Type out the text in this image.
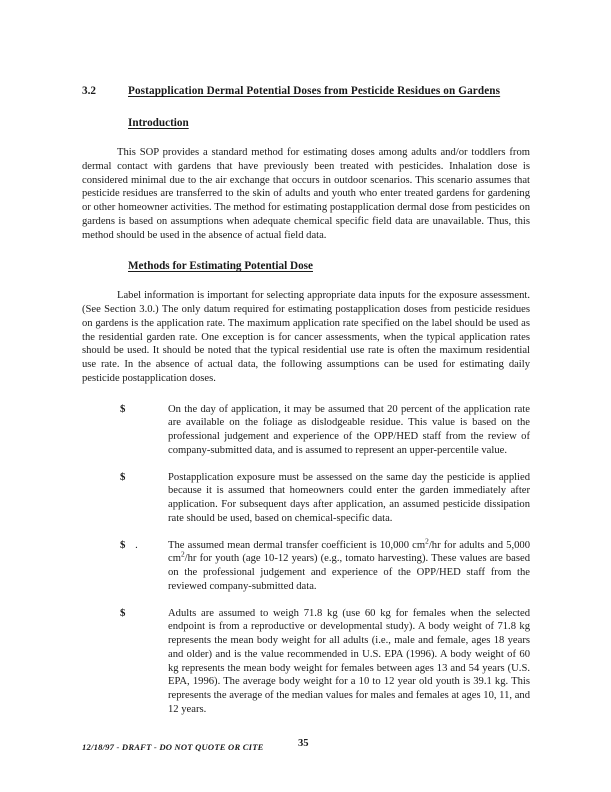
3.2	Postapplication Dermal Potential Doses from Pesticide Residues on Gardens
Introduction

This SOP provides a standard method for estimating doses among adults and/or toddlers from dermal contact with gardens that have previously been treated with pesticides. Inhalation dose is considered minimal due to the air exchange that occurs in outdoor scenarios. This scenario assumes that pesticide residues are transferred to the skin of adults and youth who enter treated gardens for gardening or other homeowner activities. The method for estimating postapplication dermal dose from pesticides on gardens is based on assumptions when adequate chemical specific field data are unavailable. Thus, this method should be used in the absence of actual field data.

Methods for Estimating Potential Dose

Label information is important for selecting appropriate data inputs for the exposure assessment. (See Section 3.0.) The only datum required for estimating postapplication doses from pesticide residues on gardens is the application rate. The maximum application rate specified on the label should be used as the residential garden rate. One exception is for cancer assessments, when the typical application rates should be used. It should be noted that the typical residential use rate is often the maximum residential use rate. In the absence of actual data, the following assumptions can be used for estimating daily pesticide postapplication doses.

$	On the day of application, it may be assumed that 20 percent of the application rate are available on the foliage as dislodgeable residue. This value is based on the professional judgement and experience of the OPP/HED staff from the review of company-submitted data, and is assumed to represent an upper-percentile value.
$	Postapplication exposure must be assessed on the same day the pesticide is applied because it is assumed that homeowners could enter the garden immediately after application. For subsequent days after application, an assumed pesticide dissipation rate should be used, based on chemical-specific data.
$ .	The assumed mean dermal transfer coefficient is 10,000 $cm^2/hr$ for adults and 5,000 $cm^2/hr$ for youth (age 10-12 years) (e.g., tomato harvesting). These values are based on the professional judgement and experience of the OPP/HED staff from the reviewed company-submitted data.
$	Adults are assumed to weigh 71.8 kg (use 60 kg for females when the selected endpoint is from a reproductive or developmental study). A body weight of 71.8 kg represents the mean body weight for all adults (i.e., male and female, ages 18 years and older) and is the value recommended in U.S. EPA (1996). A body weight of 60 kg represents the mean body weight for females between ages 13 and 54 years (U.S. EPA, 1996). The average body weight for a 10 to 12 year old youth is 39.1 kg. This represents the average of the median values for males and females at ages 10, 11, and 12 years.
12/18/97 - DRAFT - DO NOT QUOTE OR CITE	35
